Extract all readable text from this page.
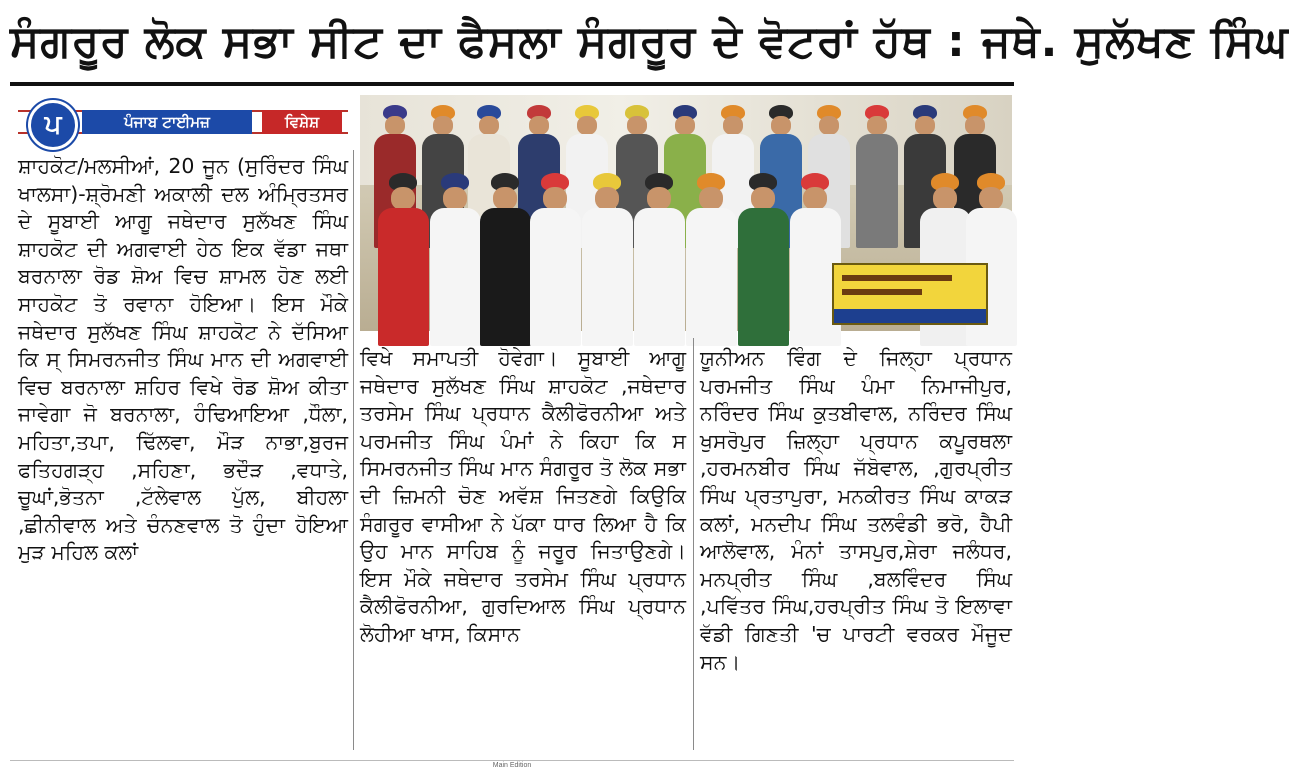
ਸੰਗਰੂਰ ਲੋਕ ਸਭਾ ਸੀਟ ਦਾ ਫੈਸਲਾ ਸੰਗਰੂਰ ਦੇ ਵੋਟਰਾਂ ਹੱਥ : ਜਥੇ. ਸੁਲੱਖਣ ਸਿੰਘ
ਪ	ਪੰਜਾਬ ਟਾਈਮਜ਼	ਵਿਸ਼ੇਸ਼

ਸ਼ਾਹਕੋਟ/ਮਲਸੀਆਂ, 20 ਜੂਨ (ਸੁਰਿੰਦਰ ਸਿੰਘ ਖਾਲਸਾ)-ਸ਼੍ਰੋਮਣੀ ਅਕਾਲੀ ਦਲ ਅੰਮ੍ਰਿਤਸਰ ਦੇ ਸੂਬਾਈ ਆਗੂ ਜਥੇਦਾਰ ਸੁਲੱਖਣ ਸਿੰਘ ਸ਼ਾਹਕੋਟ ਦੀ ਅਗਵਾਈ ਹੇਠ ਇਕ ਵੱਡਾ ਜਥਾ ਬਰਨਾਲਾ ਰੋਡ ਸ਼ੋਅ ਵਿਚ ਸ਼ਾਮਲ ਹੋਣ ਲਈ ਸਾਹਕੋਟ ਤੋ ਰਵਾਨਾ ਹੋਇਆ। ਇਸ ਮੌਕੇ ਜਥੇਦਾਰ ਸੁਲੱਖਣ ਸਿੰਘ ਸ਼ਾਹਕੋਟ ਨੇ ਦੱਸਿਆ ਕਿ ਸ੍ ਸਿਮਰਨਜੀਤ ਸਿੰਘ ਮਾਨ ਦੀ ਅਗਵਾਈ ਵਿਚ ਬਰਨਾਲਾ ਸ਼ਹਿਰ ਵਿਖੇ ਰੋਡ ਸ਼ੋਅ ਕੀਤਾ ਜਾਵੇਗਾ ਜੋ ਬਰਨਾਲਾ, ਹੰਢਿਆਇਆ ,ਧੌਲਾ, ਮਹਿਤਾ,ਤਪਾ, ਢਿੱਲਵਾ, ਮੌੜ ਨਾਭਾ,ਬੁਰਜ ਫਤਿਹਗੜ੍ਹ ,ਸਹਿਣਾ, ਭਦੌੜ ,ਵਧਾਤੇ, ਚੂਘਾਂ,ਭੋਤਨਾ ,ਟੱਲੇਵਾਲ ਪੁੱਲ, ਬੀਹਲਾ ,ਛੀਨੀਵਾਲ ਅਤੇ ਚੰਨਣਵਾਲ ਤੋ ਹੁੰਦਾ ਹੋਇਆ ਮੁੜ ਮਹਿਲ ਕਲਾਂ

ਵਿਖੇ ਸਮਾਪਤੀ ਹੋਵੇਗਾ। ਸੂਬਾਈ ਆਗੂ ਜਥੇਦਾਰ ਸੁਲੱਖਣ ਸਿੰਘ ਸ਼ਾਹਕੋਟ ,ਜਥੇਦਾਰ ਤਰਸੇਮ ਸਿੰਘ ਪ੍ਰਧਾਨ ਕੈਲੀਫੋਰਨੀਆ ਅਤੇ ਪਰਮਜੀਤ ਸਿੰਘ ਪੰਮਾਂ ਨੇ ਕਿਹਾ ਕਿ ਸ ਸਿਮਰਨਜੀਤ ਸਿੰਘ ਮਾਨ ਸੰਗਰੂਰ ਤੋ ਲੋਕ ਸਭਾ ਦੀ ਜ਼ਿਮਨੀ ਚੋਣ ਅਵੱਸ਼ ਜਿਤਣਗੇ ਕਿਉਕਿ ਸੰਗਰੂਰ ਵਾਸੀਆ ਨੇ ਪੱਕਾ ਧਾਰ ਲਿਆ ਹੈ ਕਿ ਉਹ ਮਾਨ ਸਾਹਿਬ ਨੂੰ ਜਰੂਰ ਜਿਤਾਉਣਗੇ। ਇਸ ਮੌਕੇ ਜਥੇਦਾਰ ਤਰਸੇਮ ਸਿੰਘ ਪ੍ਰਧਾਨ ਕੈਲੀਫੋਰਨੀਆ, ਗੁਰਦਿਆਲ ਸਿੰਘ ਪ੍ਰਧਾਨ ਲੋਹੀਆ ਖਾਸ, ਕਿਸਾਨ

ਯੂਨੀਅਨ ਵਿੰਗ ਦੇ ਜਿਲ੍ਹਾ ਪ੍ਰਧਾਨ ਪਰਮਜੀਤ ਸਿੰਘ ਪੰਮਾ ਨਿਮਾਜੀਪੁਰ, ਨਰਿੰਦਰ ਸਿੰਘ ਕੁਤਬੀਵਾਲ, ਨਰਿੰਦਰ ਸਿੰਘ ਖੁਸਰੋਪੁਰ ਜ਼ਿਲ੍ਹਾ ਪ੍ਰਧਾਨ ਕਪੂਰਥਲਾ ,ਹਰਮਨਬੀਰ ਸਿੰਘ ਜੱਬੋਵਾਲ, ,ਗੁਰਪ੍ਰੀਤ ਸਿੰਘ ਪ੍ਰਤਾਪੁਰਾ, ਮਨਕੀਰਤ ਸਿੰਘ ਕਾਕੜ ਕਲਾਂ, ਮਨਦੀਪ ਸਿੰਘ ਤਲਵੰਡੀ ਭਰੋ, ਹੈਪੀ ਆਲੋਵਾਲ, ਮੰਨਾਂ ਤਾਸਪੁਰ,ਸ਼ੇਰਾ ਜਲੰਧਰ, ਮਨਪ੍ਰੀਤ ਸਿੰਘ ,ਬਲਵਿੰਦਰ ਸਿੰਘ ,ਪਵਿੱਤਰ ਸਿੰਘ,ਹਰਪ੍ਰੀਤ ਸਿੰਘ ਤੋ ਇਲਾਵਾ ਵੱਡੀ ਗਿਣਤੀ 'ਚ ਪਾਰਟੀ ਵਰਕਰ ਮੌਜੂਦ ਸਨ।

Main Edition
